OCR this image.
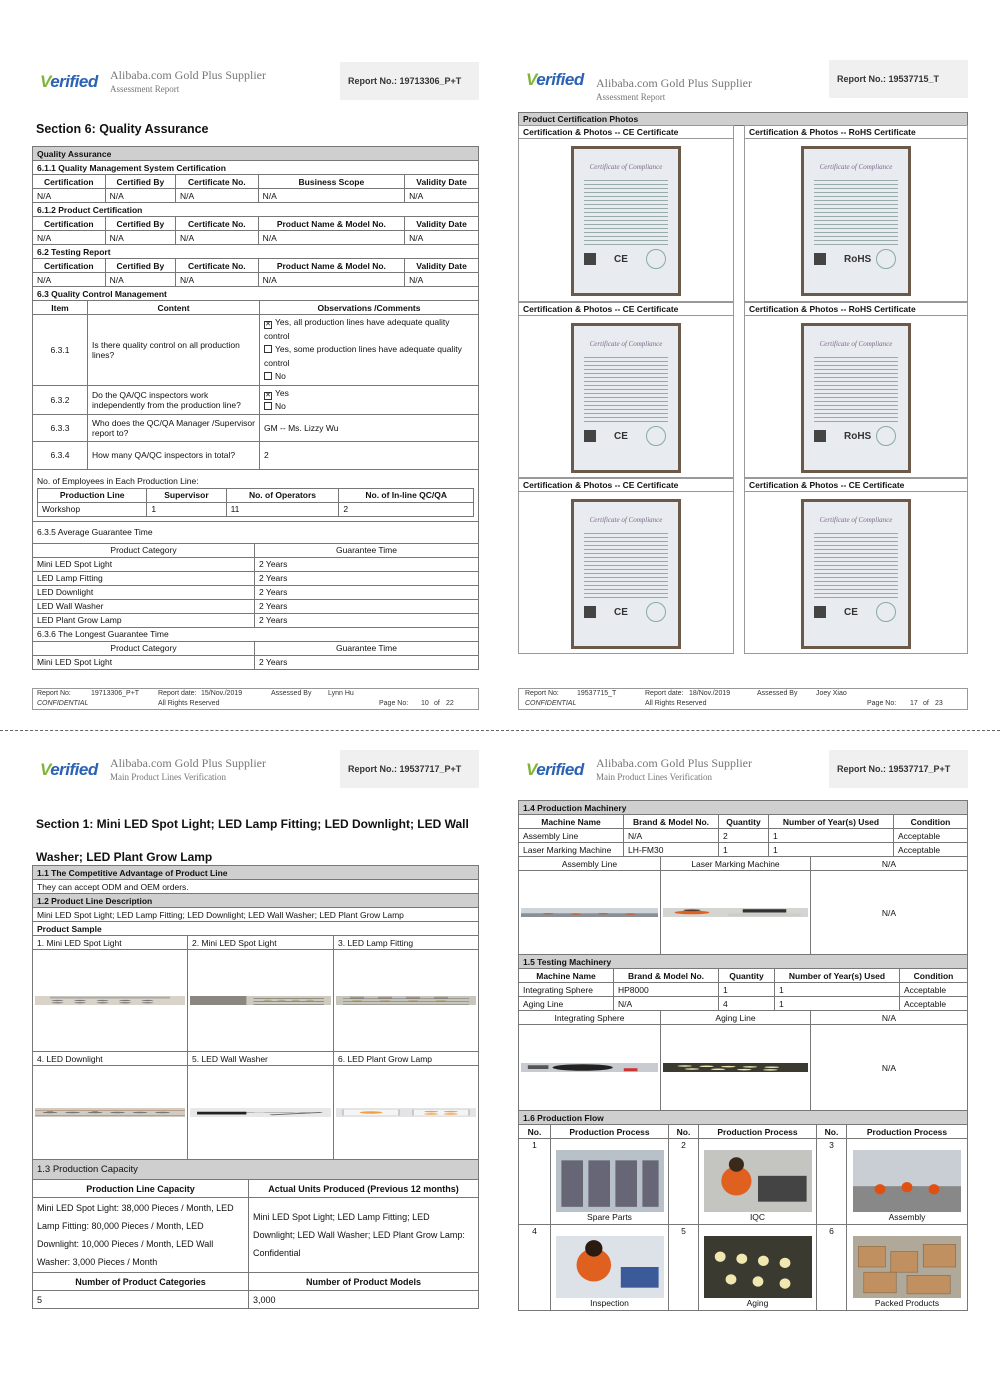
Verified Alibaba.com Gold Plus Supplier
Assessment Report
Report No.: 19713306_P+T
Section 6: Quality Assurance
Quality Assurance				
6.1.1 Quality Management System Certification				
Certification	Certified By	Certificate No.	Business Scope	Validity Date
N/A	N/A	N/A	N/A	N/A
6.1.2 Product Certification				
Certification	Certified By	Certificate No.	Product Name & Model No.	Validity Date
N/A	N/A	N/A	N/A	N/A
6.2 Testing Report				
Certification	Certified By	Certificate No.	Product Name & Model No.	Validity Date
N/A	N/A	N/A	N/A	N/A
6.3 Quality Control Management				
Item	Content	Observations /Comments
6.3.1	Is there quality control on all production lines?	✕ Yes, all production lines have adequate quality control
Yes, some production lines have adequate quality control
No

6.3.2	Do the QA/QC inspectors work independently from the production line?	✕ Yes
No

6.3.3	Who does the QC/QA Manager /Supervisor report to?	GM -- Ms. Lizzy Wu
6.3.4	How many QA/QC inspectors in total?	2
No. of Employees in Each Production Line:
Production Line	Supervisor	No. of Operators	No. of In-line QC/QA
Workshop	1	11	2
6.3.5 Average Guarantee Time	
Product Category	Guarantee Time
Mini LED Spot Light	2 Years
LED Lamp Fitting	2 Years
LED Downlight	2 Years
LED Wall Washer	2 Years
LED Plant Grow Lamp	2 Years
6.3.6 The Longest Guarantee Time	
Product Category	Guarantee Time
Mini LED Spot Light	2 Years
Report No:	19713306_P+T	Report date: 15/Nov./2019	Assessed By Lynn Hu
CONFIDENTIAL	All Rights Reserved	Page No: 10 of 22
Verified Alibaba.com Gold Plus Supplier
Assessment Report
Report No.: 19537715_T
Product Certification Photos
Certification & Photos -- CE Certificate
Certificate of Compliance
CE
Certification & Photos -- RoHS Certificate
Certificate of Compliance
RoHS
Certification & Photos -- CE Certificate
Certificate of Compliance
CE
Certification & Photos -- RoHS Certificate
Certificate of Compliance
RoHS
Certification & Photos -- CE Certificate
Certificate of Compliance
CE
Certification & Photos -- CE Certificate
Certificate of Compliance
CE
Report No:	19537715_T	Report date: 18/Nov./2019	Assessed By	Joey Xiao
CONFIDENTIAL	All Rights Reserved	Page No: 17 of 23
Verified Alibaba.com Gold Plus Supplier
Main Product Lines Verification
Report No.: 19537717_P+T
Section 1: Mini LED Spot Light; LED Lamp Fitting; LED Downlight; LED Wall
Washer; LED Plant Grow Lamp
1.1 The Competitive Advantage of Product Line		
They can accept ODM and OEM orders.		
1.2 Product Line Description		
Mini LED Spot Light; LED Lamp Fitting; LED Downlight; LED Wall Washer; LED Plant Grow Lamp		
Product Sample		
1. Mini LED Spot Light	2. Mini LED Spot Light	3. LED Lamp Fitting

4. LED Downlight	5. LED Wall Washer	6. LED Plant Grow Lamp

1.3 Production Capacity	
Production Line Capacity	Actual Units Produced (Previous 12 months)
Mini LED Spot Light: 38,000 Pieces / Month, LED Lamp Fitting: 80,000 Pieces / Month, LED Downlight: 10,000 Pieces / Month, LED Wall Washer: 3,000 Pieces / Month	Mini LED Spot Light; LED Lamp Fitting; LED Downlight; LED Wall Washer; LED Plant Grow Lamp: Confidential
Number of Product Categories	Number of Product Models
5	3,000
Verified Alibaba.com Gold Plus Supplier
Main Product Lines Verification
Report No.: 19537717_P+T
1.4 Production Machinery				
Machine Name	Brand & Model No.	Quantity	Number of Year(s) Used	Condition
Assembly Line	N/A	2	1	Acceptable
Laser Marking Machine	LH-FM30	1	1	Acceptable
Assembly Line	Laser Marking Machine	N/A

	N/A
1.5 Testing Machinery				
Machine Name	Brand & Model No.	Quantity	Number of Year(s) Used	Condition
Integrating Sphere	HP8000	1	1	Acceptable
Aging Line	N/A	4	1	Acceptable
Integrating Sphere	Aging Line	N/A

	N/A
1.6 Production Flow					
No.	Production Process	No.	Production Process	No.	Production Process
1	Spare Parts	2	IQC	3	Assembly

4	Inspection	5	Aging	6	Packed Products
